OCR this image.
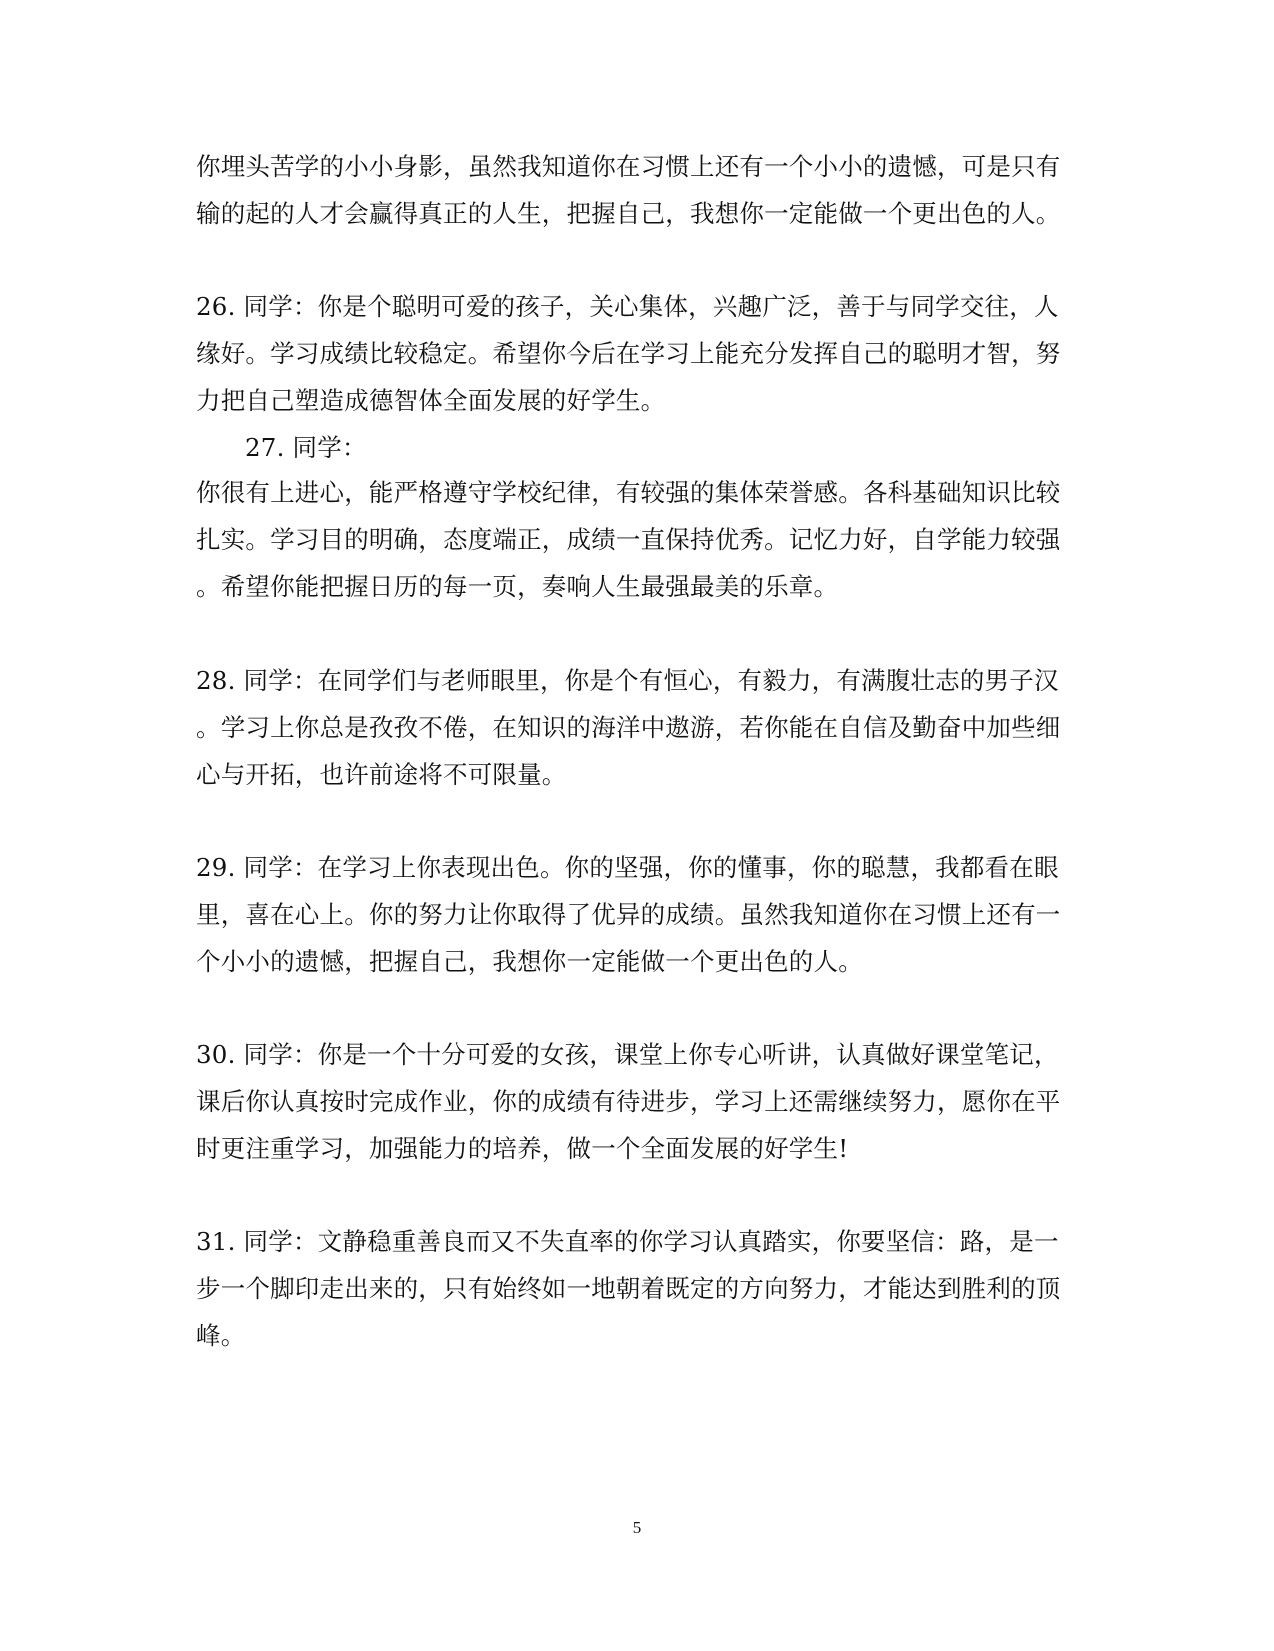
你埋头苦学的小小身影，虽然我知道你在习惯上还有一个小小的遗憾，可是只有
输的起的人才会赢得真正的人生，把握自己，我想你一定能做一个更出色的人。
26. 同学：你是个聪明可爱的孩子，关心集体，兴趣广泛，善于与同学交往，人
缘好。学习成绩比较稳定。希望你今后在学习上能充分发挥自己的聪明才智，努
力把自己塑造成德智体全面发展的好学生。
27. 同学：
你很有上进心，能严格遵守学校纪律，有较强的集体荣誉感。各科基础知识比较
扎实。学习目的明确，态度端正，成绩一直保持优秀。记忆力好，自学能力较强
。希望你能把握日历的每一页，奏响人生最强最美的乐章。
28. 同学：在同学们与老师眼里，你是个有恒心，有毅力，有满腹壮志的男子汉
。学习上你总是孜孜不倦，在知识的海洋中遨游，若你能在自信及勤奋中加些细
心与开拓，也许前途将不可限量。
29. 同学：在学习上你表现出色。你的坚强，你的懂事，你的聪慧，我都看在眼
里，喜在心上。你的努力让你取得了优异的成绩。虽然我知道你在习惯上还有一
个小小的遗憾，把握自己，我想你一定能做一个更出色的人。
30. 同学：你是一个十分可爱的女孩，课堂上你专心听讲，认真做好课堂笔记，
课后你认真按时完成作业，你的成绩有待进步，学习上还需继续努力，愿你在平
时更注重学习，加强能力的培养，做一个全面发展的好学生!
31. 同学：文静稳重善良而又不失直率的你学习认真踏实，你要坚信：路，是一
步一个脚印走出来的，只有始终如一地朝着既定的方向努力，才能达到胜利的顶
峰。
5
